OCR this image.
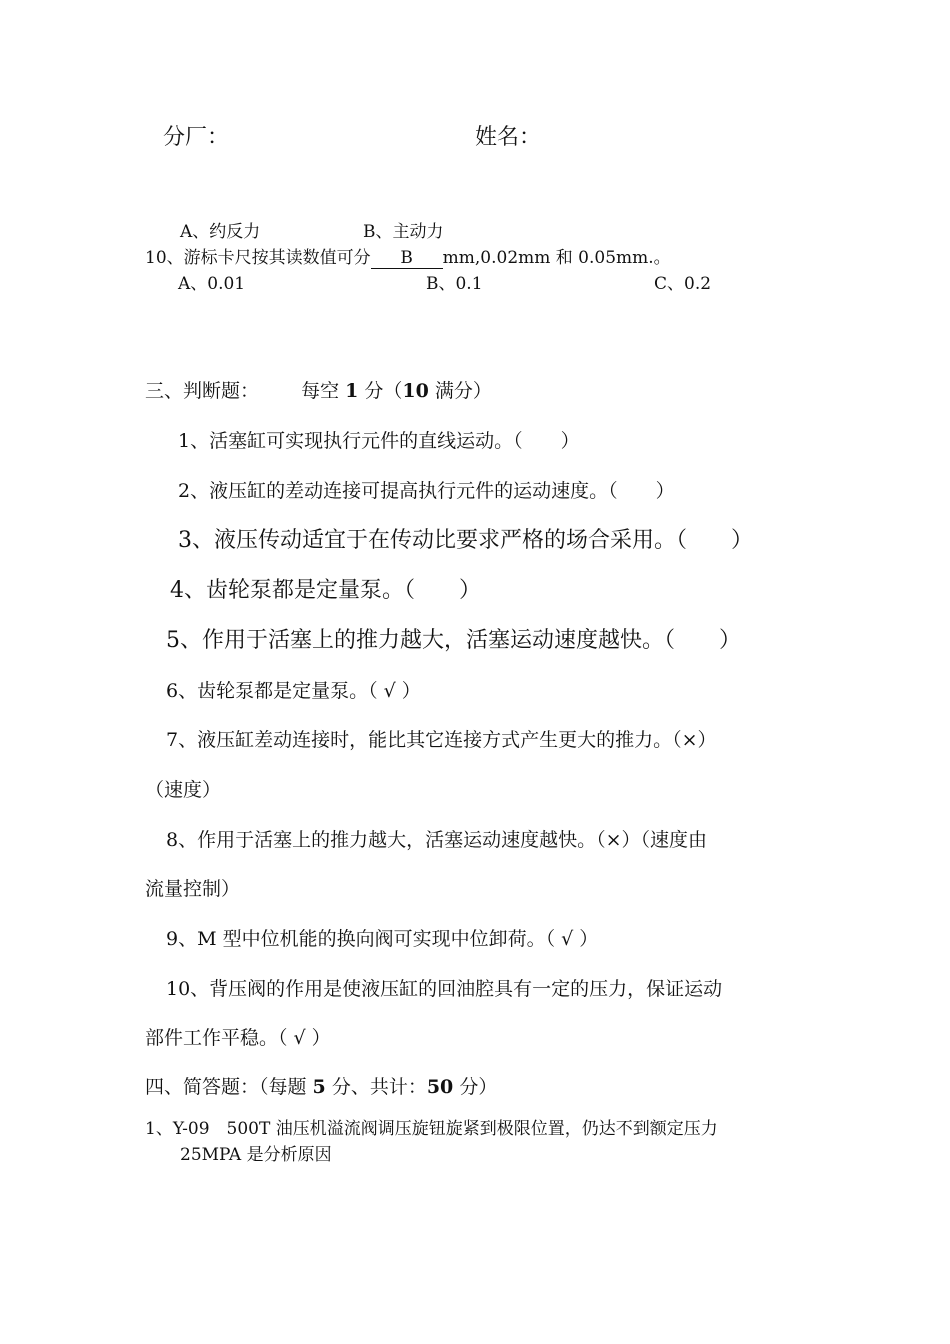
分厂：	姓名：
A、约反力	B、主动力
10、游标卡尺按其读数值可分 B mm,0.02mm 和 0.05mm.。
A、0.01	B、0.1	C、0.2
三、判断题： 每空 1 分（10 满分）
1、活塞缸可实现执行元件的直线运动。（　　）
2、液压缸的差动连接可提高执行元件的运动速度。（　　）
3、液压传动适宜于在传动比要求严格的场合采用。（　　）
4、齿轮泵都是定量泵。（　　）
5、作用于活塞上的推力越大，活塞运动速度越快。（　　）
6、齿轮泵都是定量泵。（ √ ）
7、液压缸差动连接时，能比其它连接方式产生更大的推力。（×）
（速度）
8、作用于活塞上的推力越大，活塞运动速度越快。（×）（速度由
流量控制）
9、M 型中位机能的换向阀可实现中位卸荷。（ √ ）
10、背压阀的作用是使液压缸的回油腔具有一定的压力，保证运动
部件工作平稳。（ √ ）
四、简答题：（每题 5 分、共计：50 分）
1、Y-09　500T 油压机溢流阀调压旋钮旋紧到极限位置，仍达不到额定压力
25MPA 是分析原因
